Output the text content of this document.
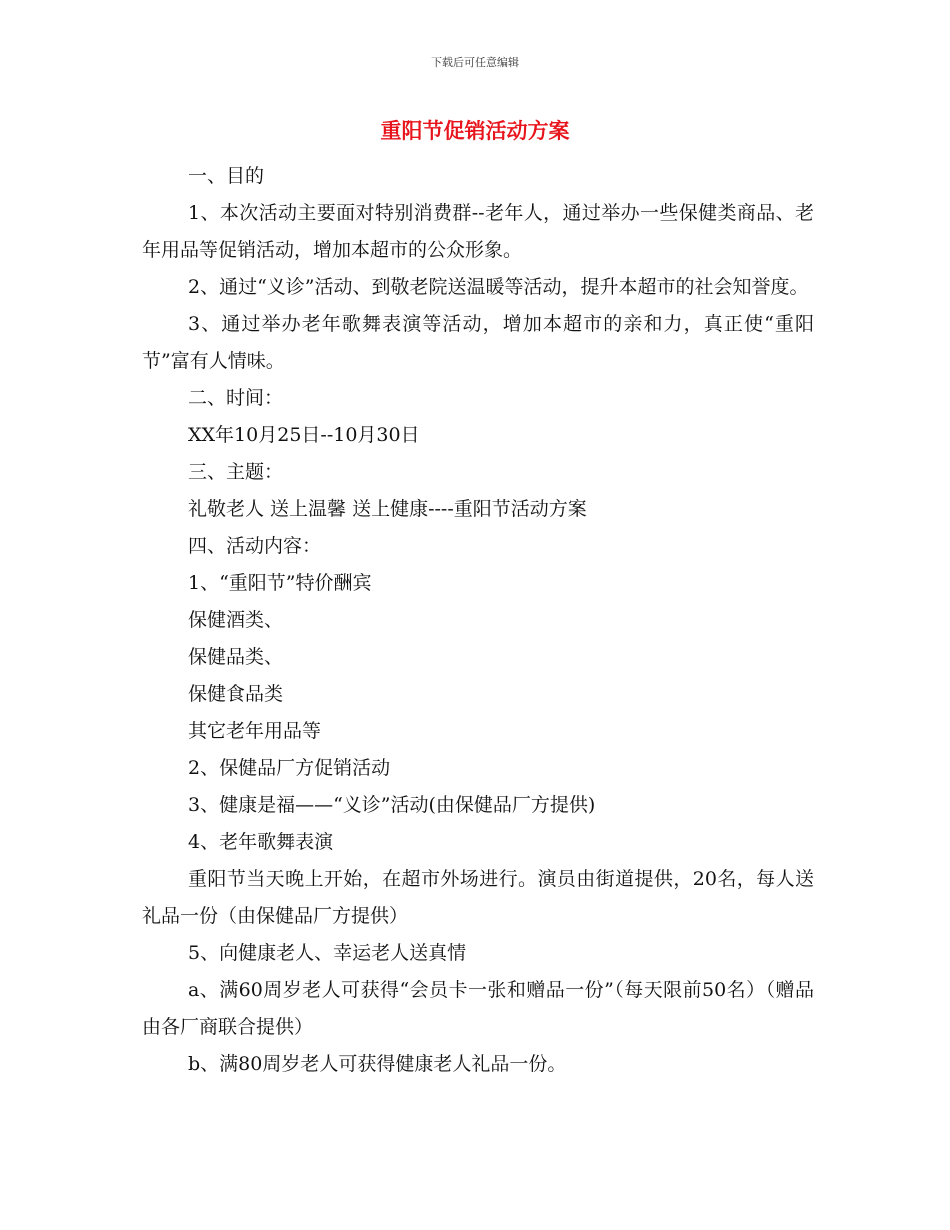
下载后可任意编辑
重阳节促销活动方案

一、目的

1、本次活动主要面对特别消费群--老年人，通过举办一些保健类商品、老年用品等促销活动，增加本超市的公众形象。

2、通过“义诊”活动、到敬老院送温暖等活动，提升本超市的社会知誉度。

3、通过举办老年歌舞表演等活动，增加本超市的亲和力，真正使“重阳节”富有人情味。

二、时间：

XX年10月25日--10月30日

三、主题：

礼敬老人 送上温馨 送上健康----重阳节活动方案

四、活动内容：

1、“重阳节”特价酬宾

保健酒类、

保健品类、

保健食品类

其它老年用品等

2、保健品厂方促销活动

3、健康是福——“义诊”活动(由保健品厂方提供)

4、老年歌舞表演

重阳节当天晚上开始，在超市外场进行。演员由街道提供，20名，每人送礼品一份（由保健品厂方提供）

5、向健康老人、幸运老人送真情

a、满60周岁老人可获得“会员卡一张和赠品一份”（每天限前50名）（赠品由各厂商联合提供）

b、满80周岁老人可获得健康老人礼品一份。
